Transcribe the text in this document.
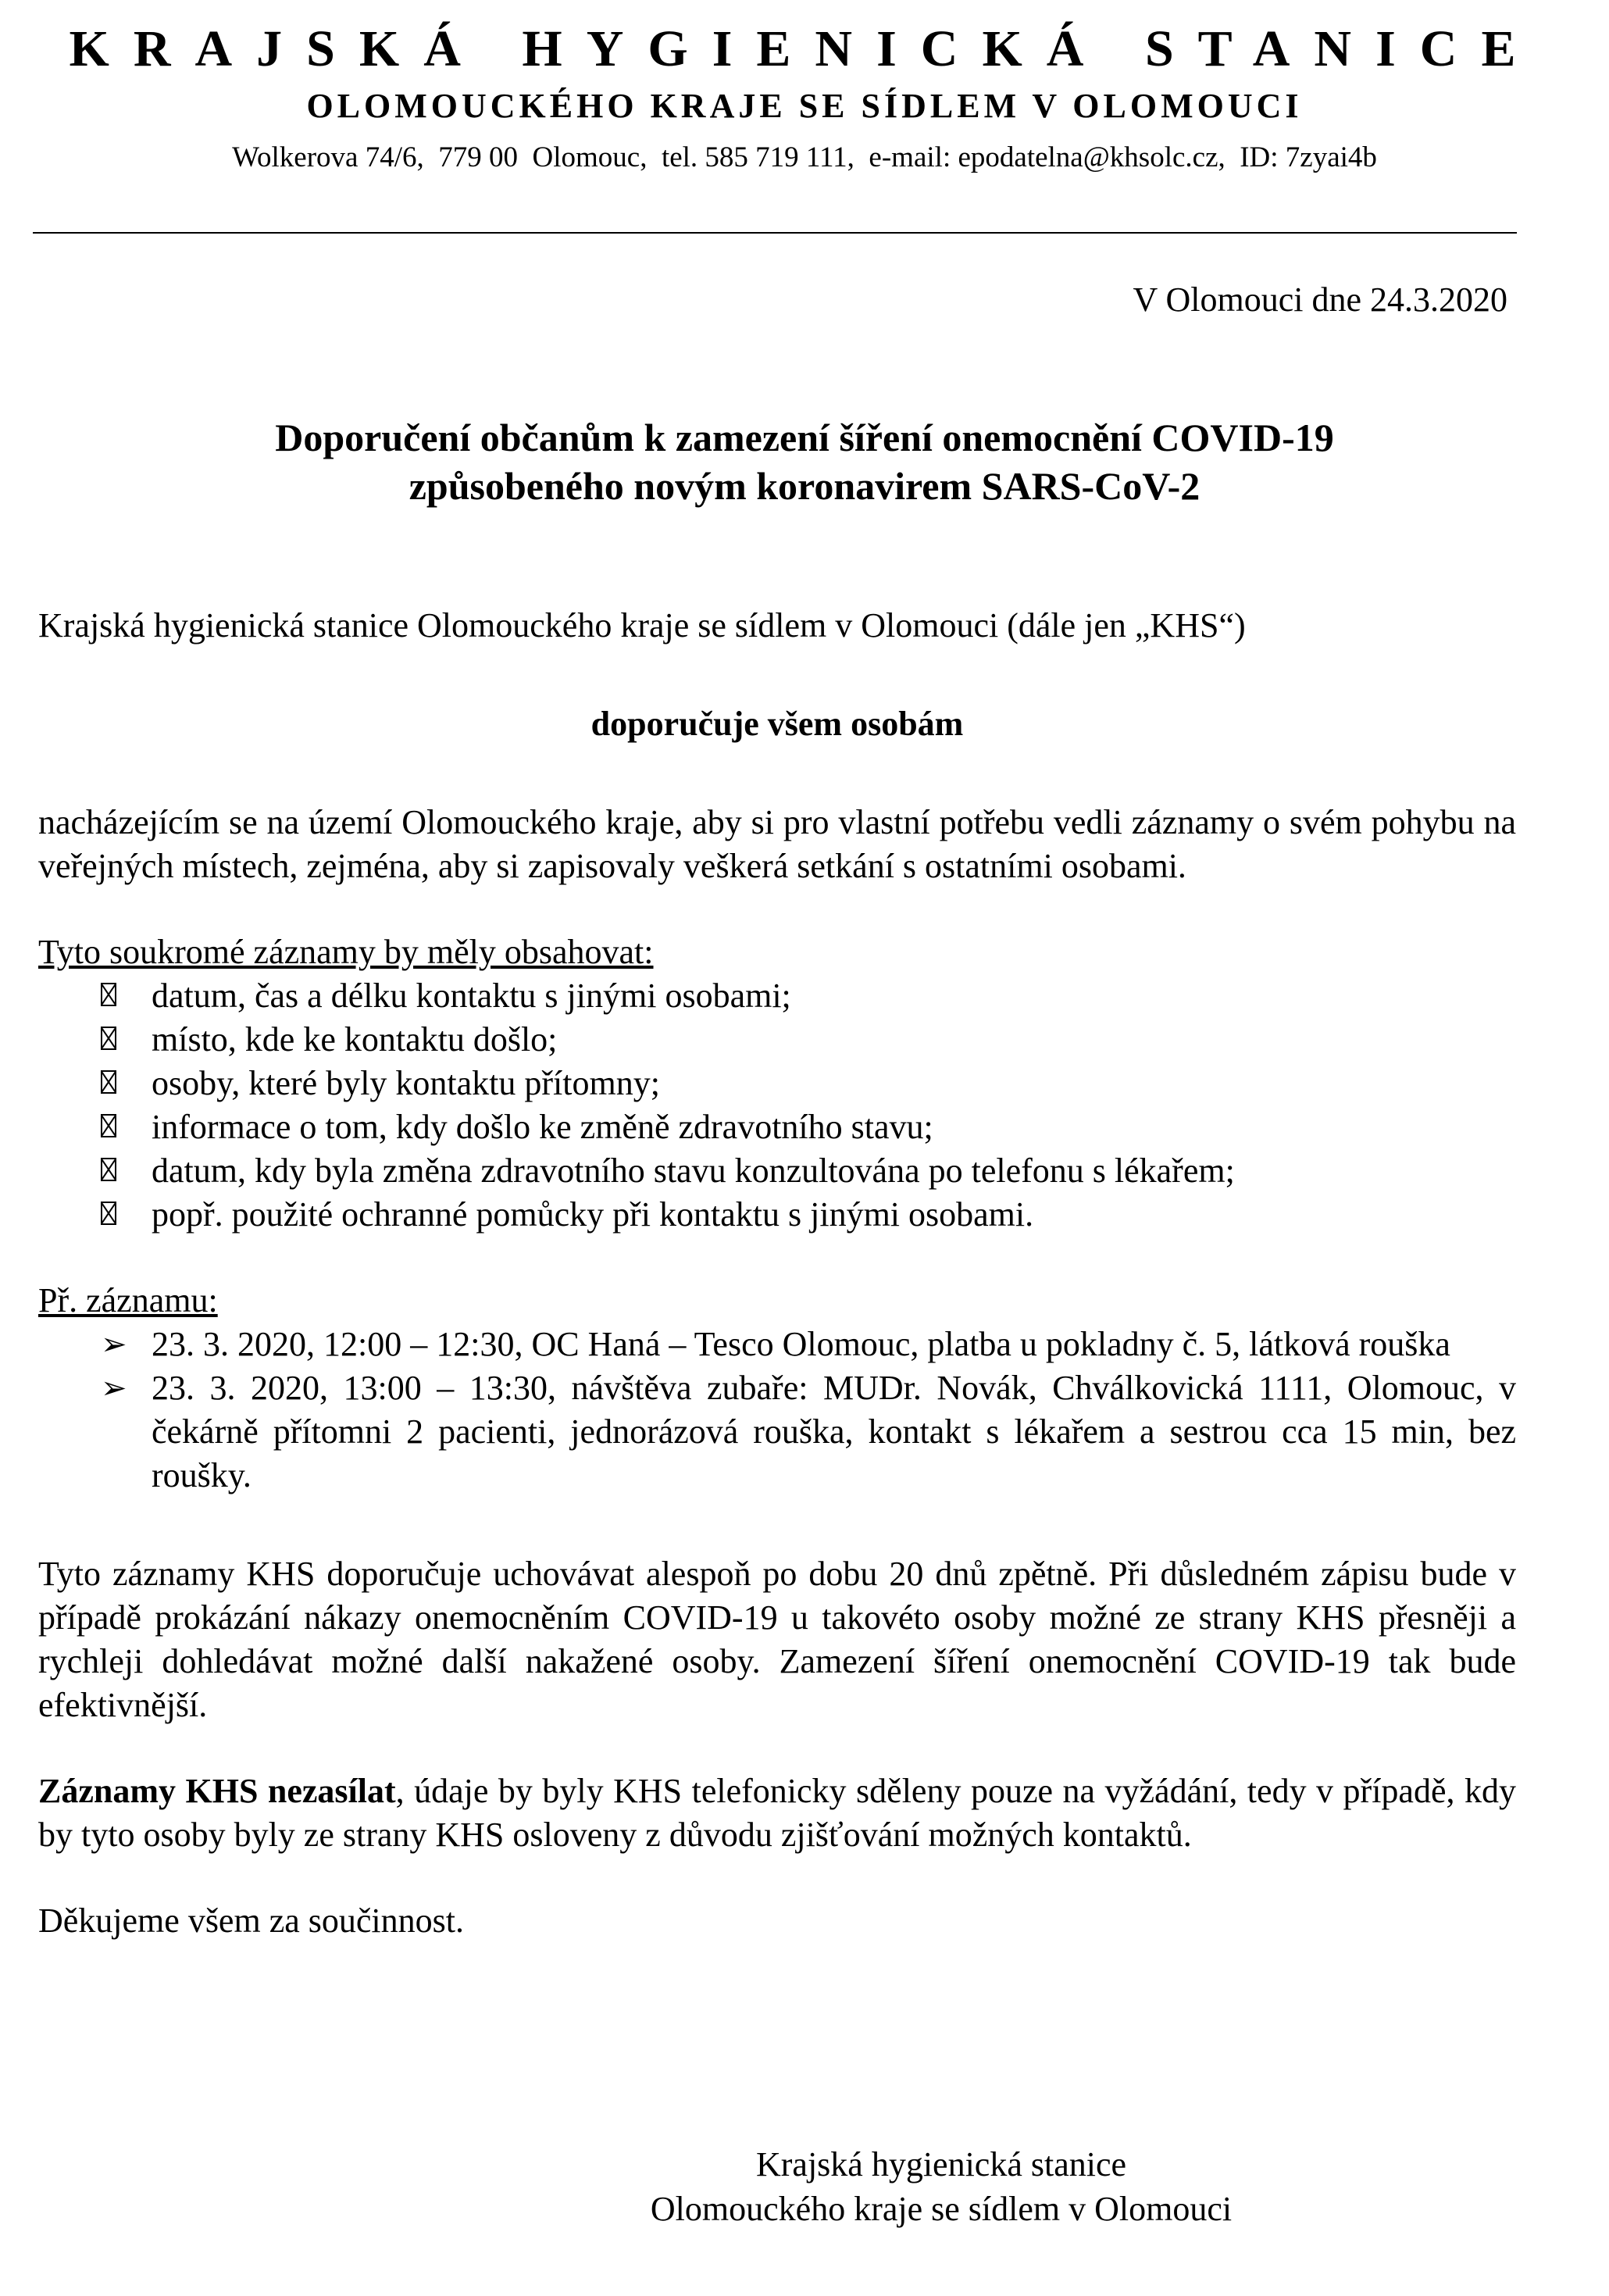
KRAJSKÁ HYGIENICKÁ STANICE
OLOMOUCKÉHO KRAJE SE SÍDLEM V OLOMOUCI
Wolkerova 74/6,  779 00  Olomouc,  tel. 585 719 111,  e-mail: epodatelna@khsolc.cz,  ID: 7zyai4b
V Olomouci dne 24.3.2020
Doporučení občanům k zamezení šíření onemocnění COVID-19
způsobeného novým koronavirem SARS-CoV-2

Krajská hygienická stanice Olomouckého kraje se sídlem v Olomouci (dále jen „KHS“)

doporučuje všem osobám

nacházejícím se na území Olomouckého kraje, aby si pro vlastní potřebu vedli záznamy o svém pohybu na veřejných místech, zejména, aby si zapisovaly veškerá setkání s ostatními osobami.

Tyto soukromé záznamy by měly obsahovat:

datum, čas a délku kontaktu s jinými osobami;
místo, kde ke kontaktu došlo;
osoby, které byly kontaktu přítomny;
informace o tom, kdy došlo ke změně zdravotního stavu;
datum, kdy byla změna zdravotního stavu konzultována po telefonu s lékařem;
popř. použité ochranné pomůcky při kontaktu s jinými osobami.

Př. záznamu:

➢ 23. 3. 2020, 12:00 – 12:30, OC Haná – Tesco Olomouc, platba u pokladny č. 5, látková rouška
➢ 23. 3. 2020, 13:00 – 13:30, návštěva zubaře: MUDr. Novák, Chválkovická 1111, Olomouc, v čekárně přítomni 2 pacienti, jednorázová rouška, kontakt s lékařem a sestrou cca 15 min, bez roušky.

Tyto záznamy KHS doporučuje uchovávat alespoň po dobu 20 dnů zpětně. Při důsledném zápisu bude v případě prokázání nákazy onemocněním COVID-19 u takovéto osoby možné ze strany KHS přesněji a rychleji dohledávat možné další nakažené osoby. Zamezení šíření onemocnění COVID-19 tak bude efektivnější.

Záznamy KHS nezasílat, údaje by byly KHS telefonicky sděleny pouze na vyžádání, tedy v případě, kdy by tyto osoby byly ze strany KHS osloveny z důvodu zjišťování možných kontaktů.

Děkujeme všem za součinnost.

Krajská hygienická stanice
Olomouckého kraje se sídlem v Olomouci
